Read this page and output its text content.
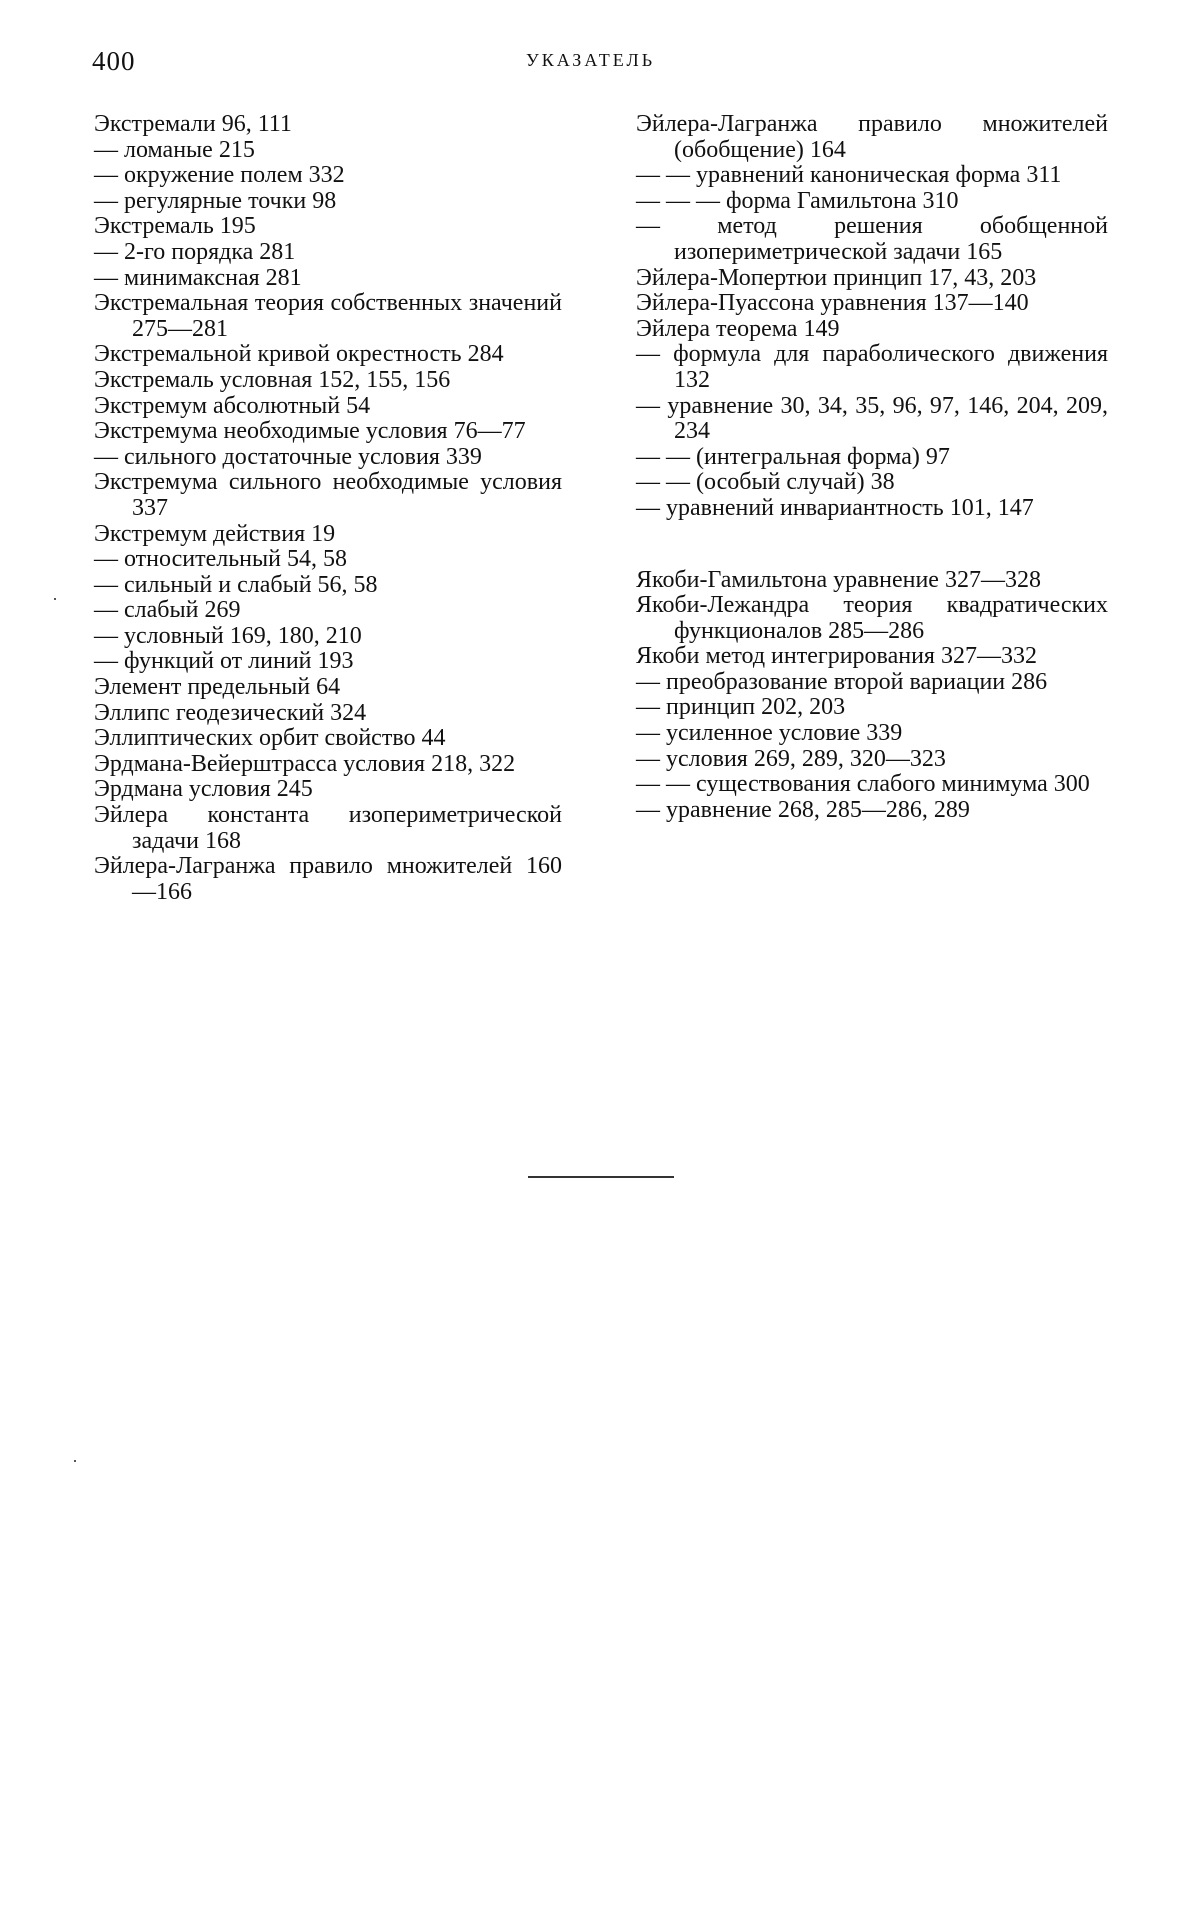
400	УКАЗАТЕЛЬ
Экстремали 96, 111
— ломаные 215
— окружение полем 332
— регулярные точки 98
Экстремаль 195
— 2-го порядка 281
— минимаксная 281
Экстремальная теория собственных значений 275—281
Экстремальной кривой окрестность 284
Экстремаль условная 152, 155, 156
Экстремум абсолютный 54
Экстремума необходимые условия 76—77
— сильного достаточные условия 339
Экстремума сильного необходимые условия 337
Экстремум действия 19
— относительный 54, 58
— сильный и слабый 56, 58
— слабый 269
— условный 169, 180, 210
— функций от линий 193
Элемент предельный 64
Эллипс геодезический 324
Эллиптических орбит свойство 44
Эрдмана-Вейерштрасса условия 218, 322
Эрдмана условия 245
Эйлера константа изопериметрической задачи 168
Эйлера-Лагранжа правило множителей 160—166
Эйлера-Лагранжа правило множителей (обобщение) 164
— — уравнений каноническая форма 311
— — — форма Гамильтона 310
— метод решения обобщенной изопериметрической задачи 165
Эйлера-Мопертюи принцип 17, 43, 203
Эйлера-Пуассона уравнения 137—140
Эйлера теорема 149
— формула для параболического движения 132
— уравнение 30, 34, 35, 96, 97, 146, 204, 209, 234
— — (интегральная форма) 97
— — (особый случай) 38
— уравнений инвариантность 101, 147
Якоби-Гамильтона уравнение 327—328
Якоби-Лежандра теория квадратических функционалов 285—286
Якоби метод интегрирования 327—332
— преобразование второй вариации 286
— принцип 202, 203
— усиленное условие 339
— условия 269, 289, 320—323
— — существования слабого минимума 300
— уравнение 268, 285—286, 289
